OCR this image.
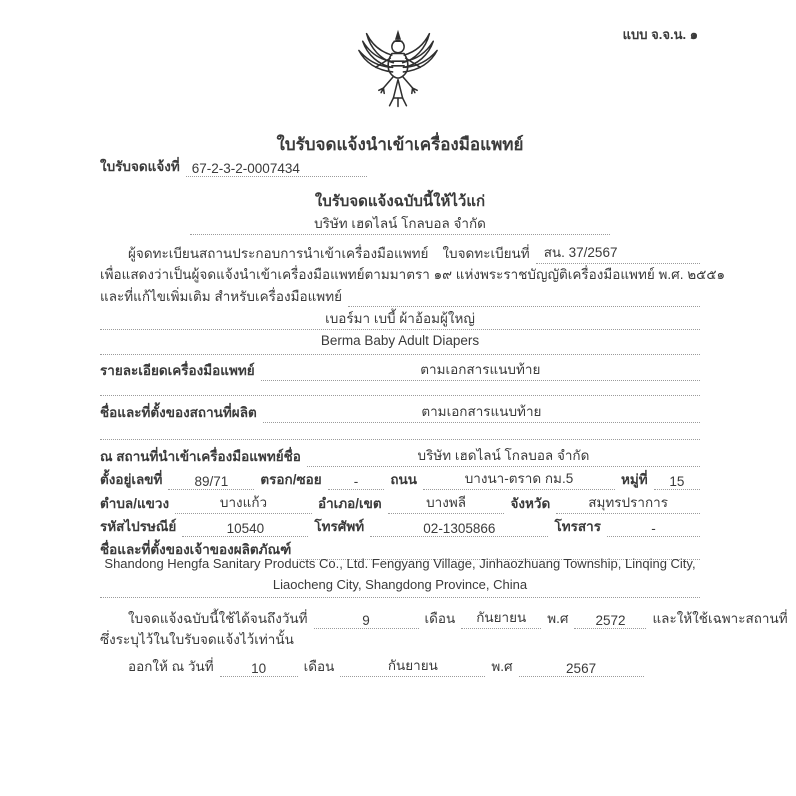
แบบ จ.จ.น. ๑
ใบรับจดแจ้งนำเข้าเครื่องมือแพทย์
ใบรับจดแจ้งที่ 67-2-3-2-0007434
ใบรับจดแจ้งฉบับนี้ให้ไว้แก่
บริษัท เฮดไลน์ โกลบอล จำกัด
ผู้จดทะเบียนสถานประกอบการนำเข้าเครื่องมือแพทย์ ใบจดทะเบียนที่	สน. 37/2567
เพื่อแสดงว่าเป็นผู้จดแจ้งนำเข้าเครื่องมือแพทย์ตามมาตรา ๑๙ แห่งพระราชบัญญัติเครื่องมือแพทย์ พ.ศ. ๒๕๕๑
และที่แก้ไขเพิ่มเติม สำหรับเครื่องมือแพทย์
เบอร์มา เบบี้ ผ้าอ้อมผู้ใหญ่
Berma Baby Adult Diapers
รายละเอียดเครื่องมือแพทย์	ตามเอกสารแนบท้าย
ชื่อและที่ตั้งของสถานที่ผลิต	ตามเอกสารแนบท้าย
ณ สถานที่นำเข้าเครื่องมือแพทย์ชื่อ	บริษัท เฮดไลน์ โกลบอล จำกัด
ตั้งอยู่เลขที่	89/71	ตรอก/ซอย	-	ถนน	บางนา-ตราด กม.5	หมู่ที่	15
ตำบล/แขวง	บางแก้ว	อำเภอ/เขต	บางพลี	จังหวัด	สมุทรปราการ
รหัสไปรษณีย์	10540	โทรศัพท์	02-1305866	โทรสาร	-
ชื่อและที่ตั้งของเจ้าของผลิตภัณฑ์
Shandong Hengfa Sanitary Products Co., Ltd. Fengyang Village, Jinhaozhuang Township, Linqing City,
Liaocheng City, Shangdong Province, China
ใบจดแจ้งฉบับนี้ใช้ได้จนถึงวันที่	9	เดือน	กันยายน	พ.ศ	2572	และให้ใช้เฉพาะสถานที่
ซึ่งระบุไว้ในใบรับจดแจ้งไว้เท่านั้น
ออกให้ ณ วันที่	10	เดือน	กันยายน	พ.ศ	2567
